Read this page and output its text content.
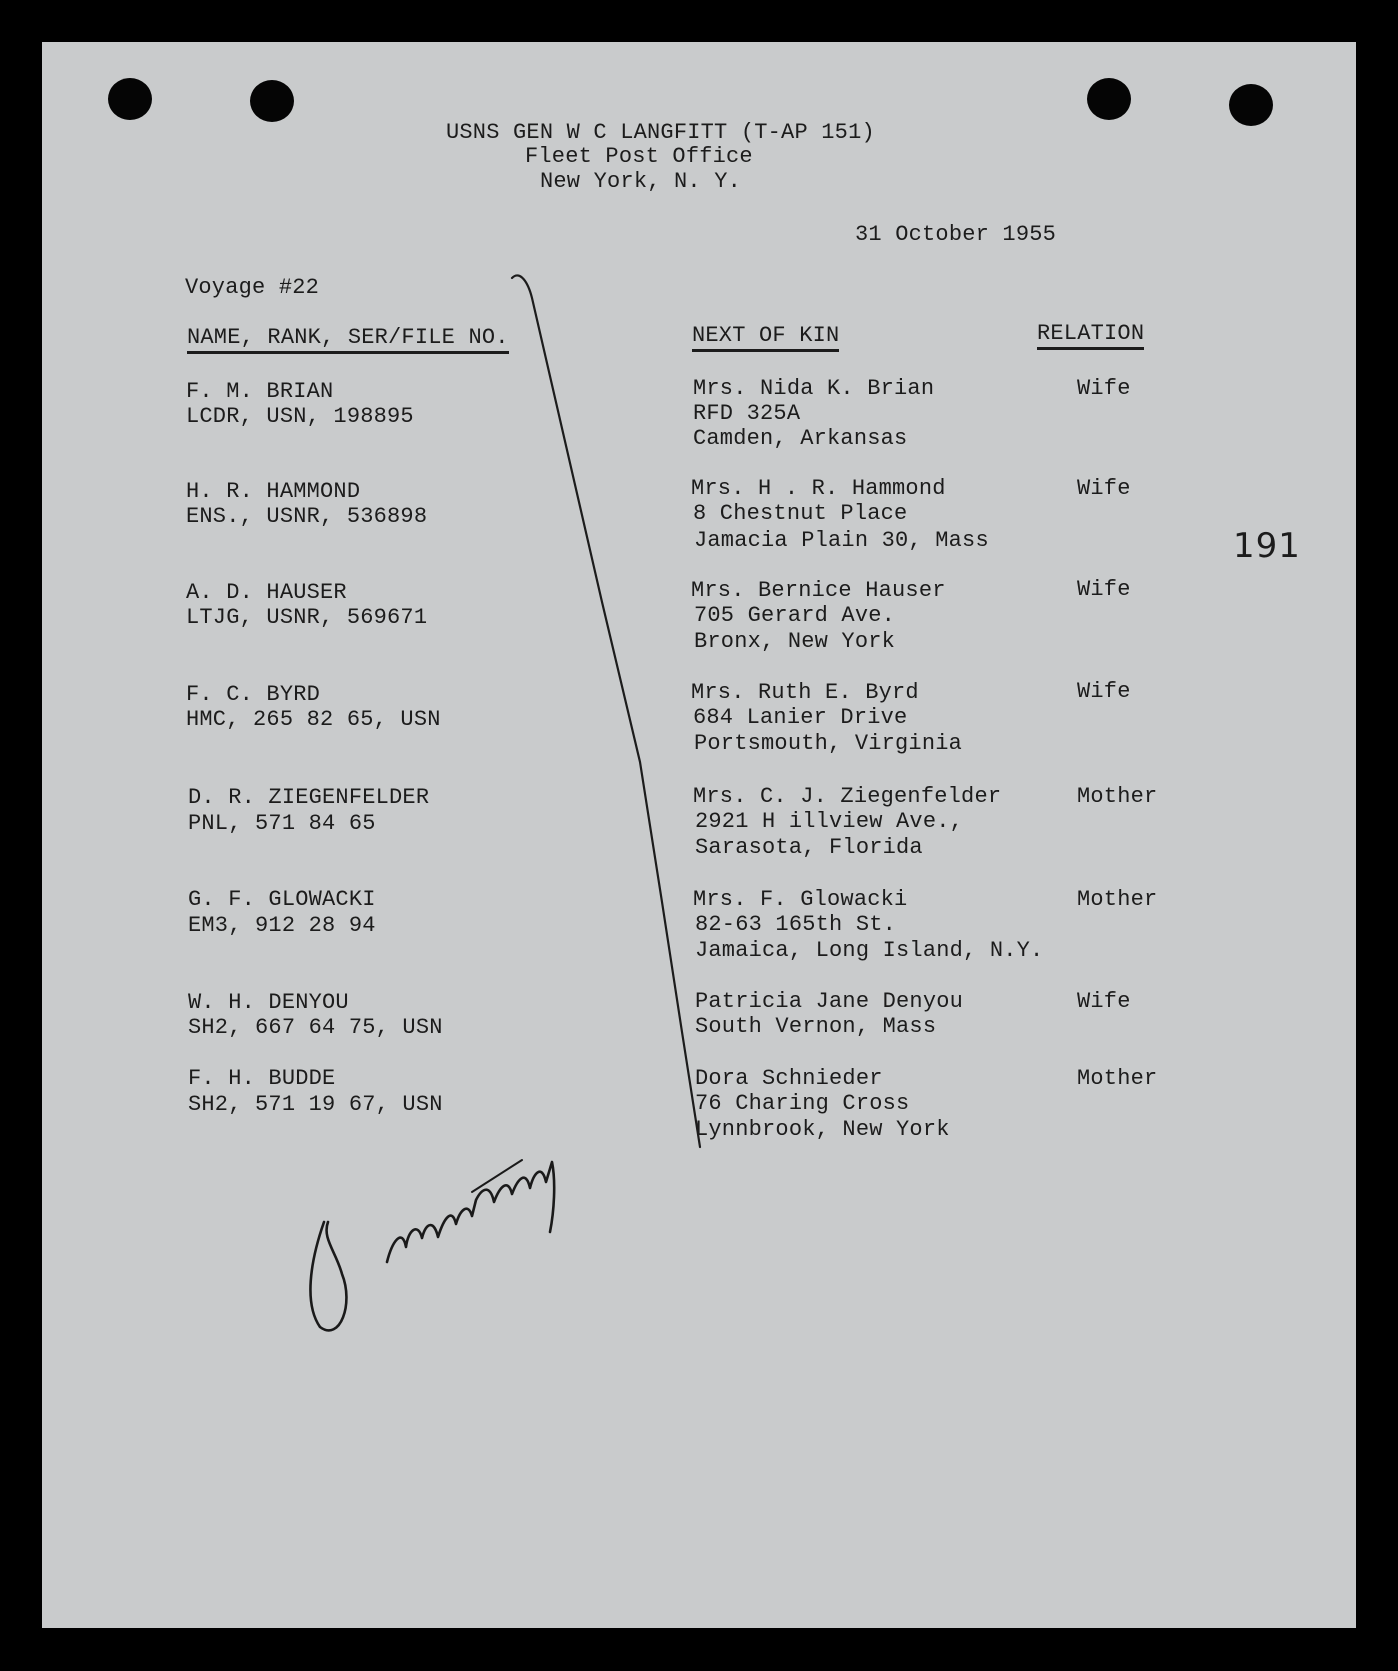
USNS GEN W C LANGFITT (T-AP 151)
Fleet Post Office
New York, N. Y.
31 October 1955
Voyage #22
NAME, RANK, SER/FILE NO.	NEXT OF KIN	RELATION
191
F. M. BRIAN
LCDR, USN, 198895
Mrs. Nida K. Brian
RFD 325A
Camden, Arkansas
Wife
H. R. HAMMOND
ENS., USNR, 536898
Mrs. H . R. Hammond
8 Chestnut Place
Jamacia Plain 30, Mass
Wife
A. D. HAUSER
LTJG, USNR, 569671
Mrs. Bernice Hauser
705 Gerard Ave.
Bronx, New York
Wife
F. C. BYRD
HMC, 265 82 65, USN
Mrs. Ruth E. Byrd
684 Lanier Drive
Portsmouth, Virginia
Wife
D. R. ZIEGENFELDER
PNL, 571 84 65
Mrs. C. J. Ziegenfelder
2921 H illview Ave.,
Sarasota, Florida
Mother
G. F. GLOWACKI
EM3, 912 28 94
Mrs. F. Glowacki
82-63 165th St.
Jamaica, Long Island, N.Y.
Mother
W. H. DENYOU
SH2, 667 64 75, USN
Patricia Jane Denyou
South Vernon, Mass
Wife
F. H. BUDDE
SH2, 571 19 67, USN
Dora Schnieder
76 Charing Cross
Lynnbrook, New York
Mother
